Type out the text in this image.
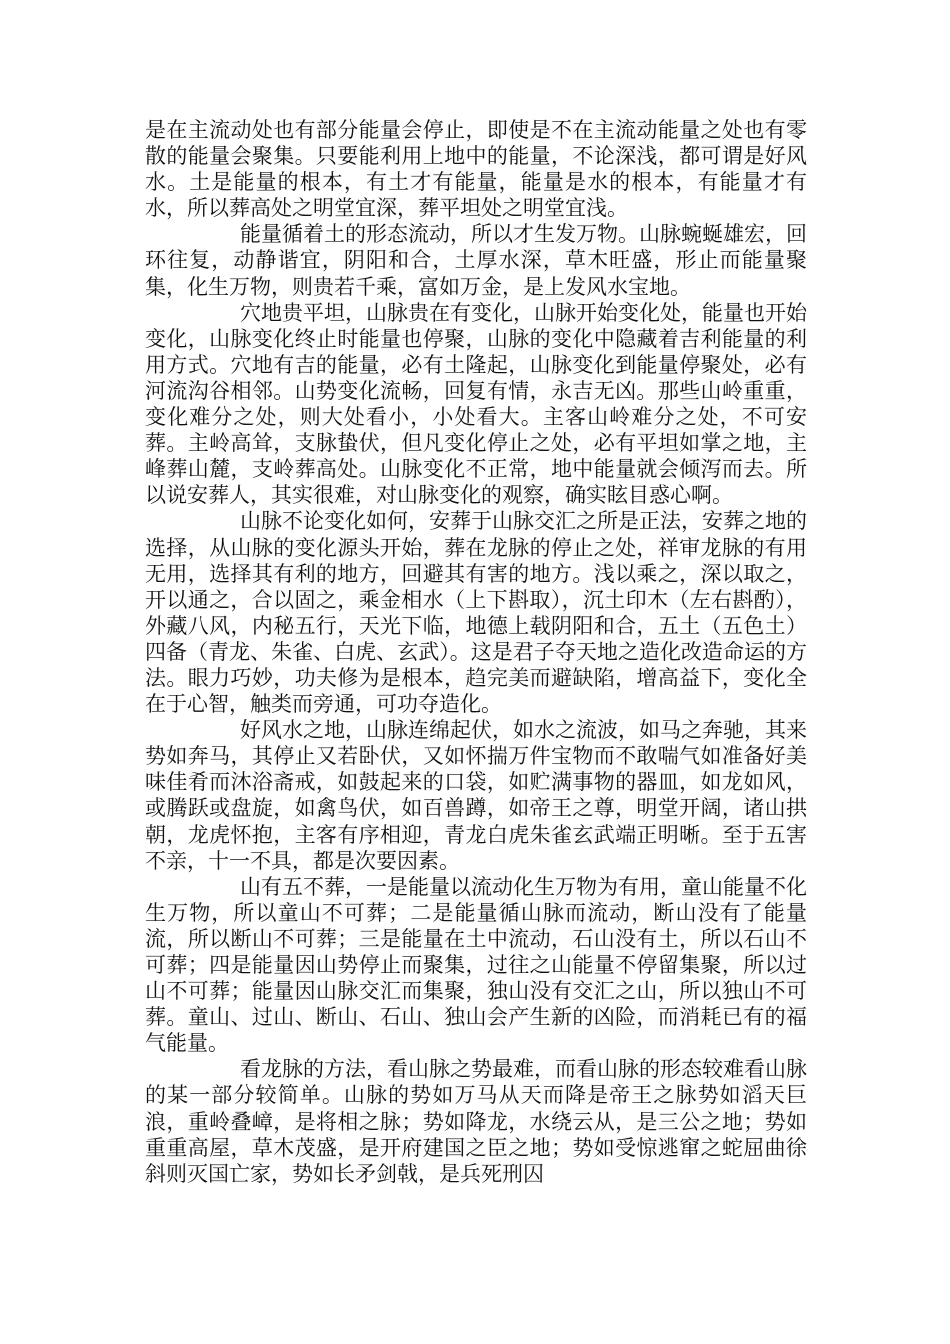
是在主流动处也有部分能量会停止，即使是不在主流动能量之处也有零散的能量会聚集。只要能利用上地中的能量，不论深浅，都可谓是好风水。土是能量的根本，有土才有能量，能量是水的根本，有能量才有水，所以葬高处之明堂宜深，葬平坦处之明堂宜浅。

能量循着土的形态流动，所以才生发万物。山脉蜿蜒雄宏，回环往复，动静谐宜，阴阳和合，土厚水深，草木旺盛，形止而能量聚集，化生万物，则贵若千乘，富如万金，是上发风水宝地。

穴地贵平坦，山脉贵在有变化，山脉开始变化处，能量也开始变化，山脉变化终止时能量也停聚，山脉的变化中隐藏着吉利能量的利用方式。穴地有吉的能量，必有土隆起，山脉变化到能量停聚处，必有河流沟谷相邻。山势变化流畅，回复有情，永吉无凶。那些山岭重重，变化难分之处，则大处看小，小处看大。主客山岭难分之处，不可安葬。主岭高耸，支脉蛰伏，但凡变化停止之处，必有平坦如掌之地，主峰葬山麓，支岭葬高处。山脉变化不正常，地中能量就会倾泻而去。所以说安葬人，其实很难，对山脉变化的观察，确实眩目惑心啊。

山脉不论变化如何，安葬于山脉交汇之所是正法，安葬之地的选择，从山脉的变化源头开始，葬在龙脉的停止之处，祥审龙脉的有用无用，选择其有利的地方，回避其有害的地方。浅以乘之，深以取之，开以通之，合以固之，乘金相水（上下斟取），沉土印木（左右斟酌），外藏八风，内秘五行，天光下临，地德上载阴阳和合，五土（五色土）四备（青龙、朱雀、白虎、玄武）。这是君子夺天地之造化改造命运的方法。眼力巧妙，功夫修为是根本，趋完美而避缺陷，增高益下，变化全在于心智，触类而旁通，可功夺造化。

好风水之地，山脉连绵起伏，如水之流波，如马之奔驰，其来势如奔马，其停止又若卧伏，又如怀揣万件宝物而不敢喘气如准备好美味佳肴而沐浴斋戒，如鼓起来的口袋，如贮满事物的器皿，如龙如风，或腾跃或盘旋，如禽鸟伏，如百兽蹲，如帝王之尊，明堂开阔，诸山拱朝，龙虎怀抱，主客有序相迎，青龙白虎朱雀玄武端正明晰。至于五害不亲，十一不具，都是次要因素。

山有五不葬，一是能量以流动化生万物为有用，童山能量不化生万物，所以童山不可葬；二是能量循山脉而流动，断山没有了能量流，所以断山不可葬；三是能量在土中流动，石山没有土，所以石山不可葬；四是能量因山势停止而聚集，过往之山能量不停留集聚，所以过山不可葬；能量因山脉交汇而集聚，独山没有交汇之山，所以独山不可葬。童山、过山、断山、石山、独山会产生新的凶险，而消耗已有的福气能量。

看龙脉的方法，看山脉之势最难，而看山脉的形态较难看山脉的某一部分较简单。山脉的势如万马从天而降是帝王之脉势如滔天巨浪，重岭叠嶂，是将相之脉；势如降龙，水绕云从，是三公之地；势如重重高屋，草木茂盛，是开府建国之臣之地；势如受惊逃窜之蛇屈曲徐斜则灭国亡家，势如长矛剑戟，是兵死刑囚
